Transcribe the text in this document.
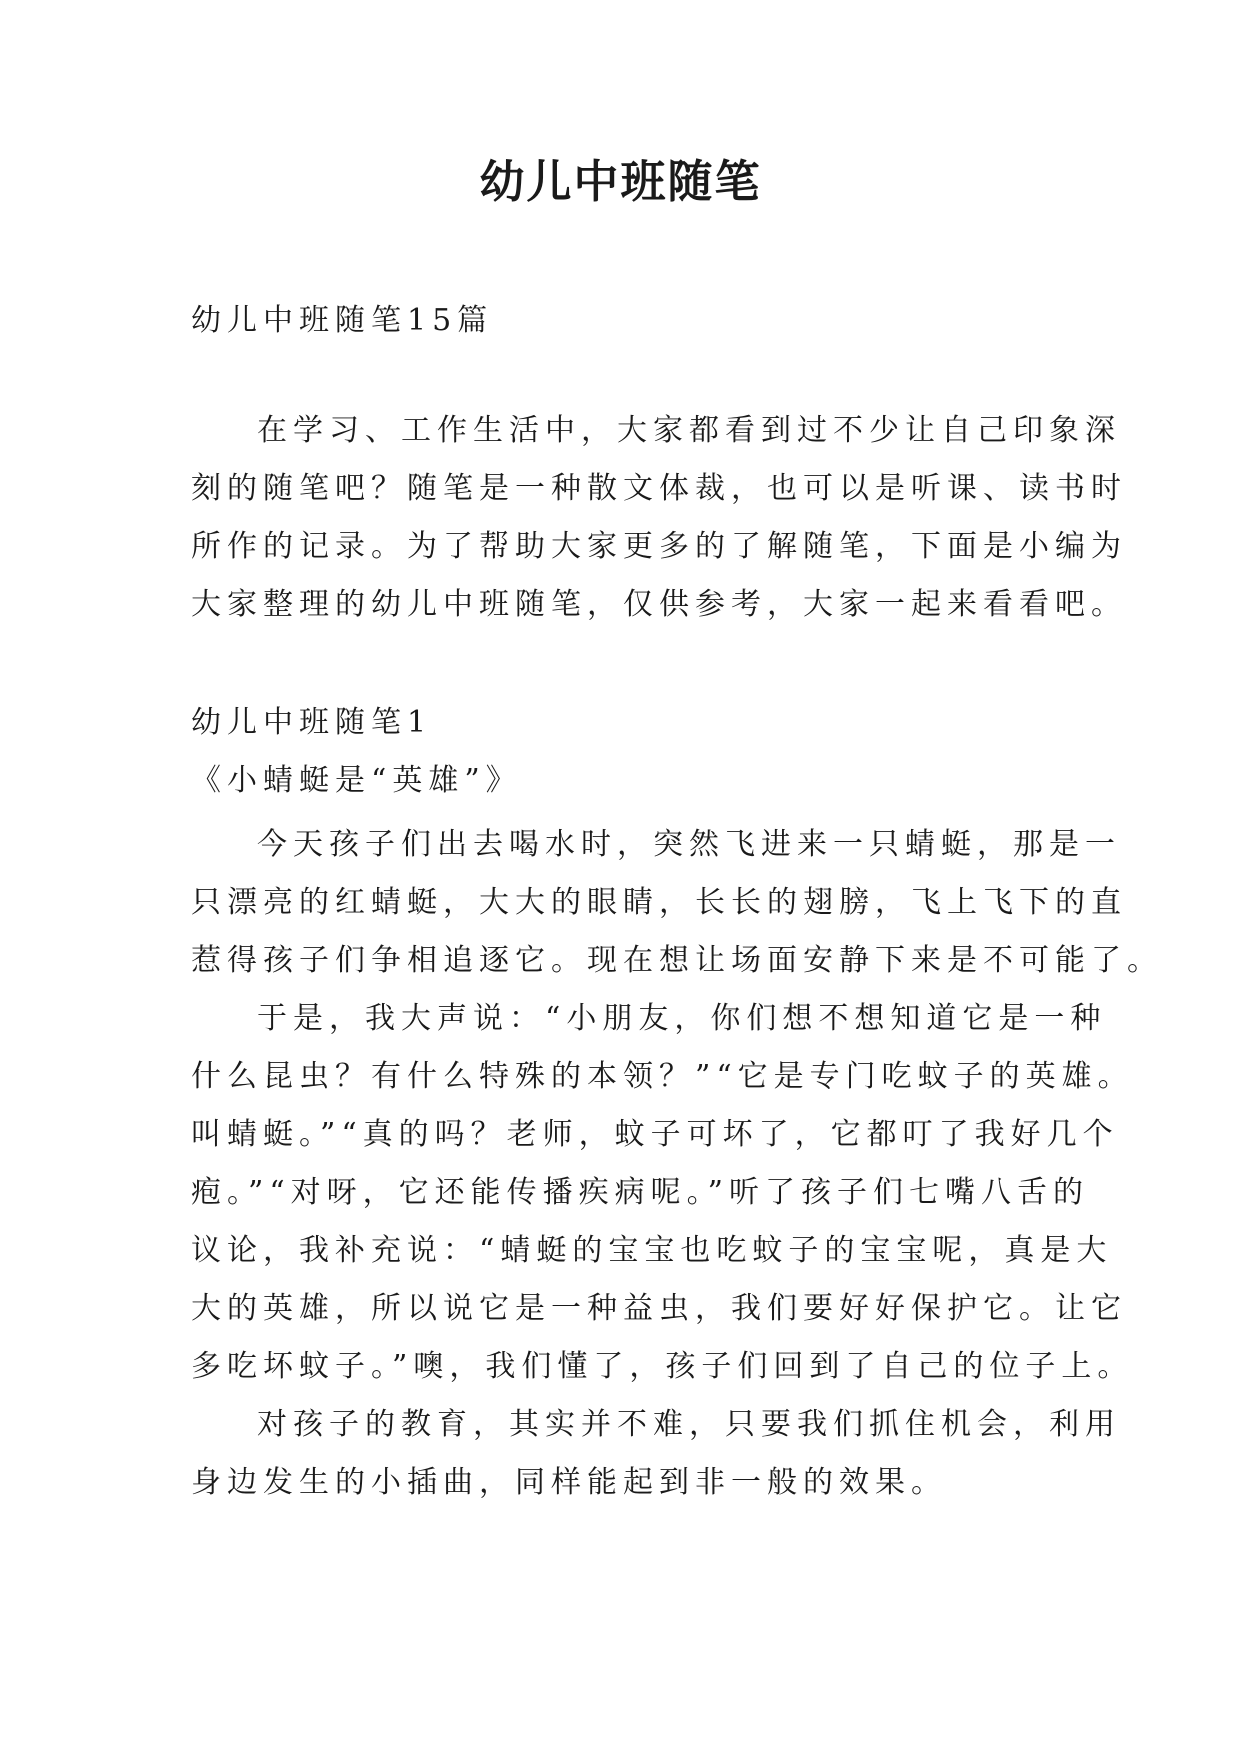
幼儿中班随笔
幼儿中班随笔15篇
在学习、工作生活中，大家都看到过不少让自己印象深
刻的随笔吧？随笔是一种散文体裁，也可以是听课、读书时
所作的记录。为了帮助大家更多的了解随笔，下面是小编为
大家整理的幼儿中班随笔，仅供参考，大家一起来看看吧。
幼儿中班随笔1
《小蜻蜓是“英雄”》
今天孩子们出去喝水时，突然飞进来一只蜻蜓，那是一
只漂亮的红蜻蜓，大大的眼睛，长长的翅膀，飞上飞下的直
惹得孩子们争相追逐它。现在想让场面安静下来是不可能了。
于是，我大声说：“小朋友，你们想不想知道它是一种
什么昆虫？有什么特殊的本领？”“它是专门吃蚊子的英雄。
叫蜻蜓。”“真的吗？老师，蚊子可坏了，它都叮了我好几个
疱。”“对呀，它还能传播疾病呢。”听了孩子们七嘴八舌的
议论，我补充说：“蜻蜓的宝宝也吃蚊子的宝宝呢，真是大
大的英雄，所以说它是一种益虫，我们要好好保护它。让它
多吃坏蚊子。”噢，我们懂了，孩子们回到了自己的位子上。
对孩子的教育，其实并不难，只要我们抓住机会，利用
身边发生的小插曲，同样能起到非一般的效果。
